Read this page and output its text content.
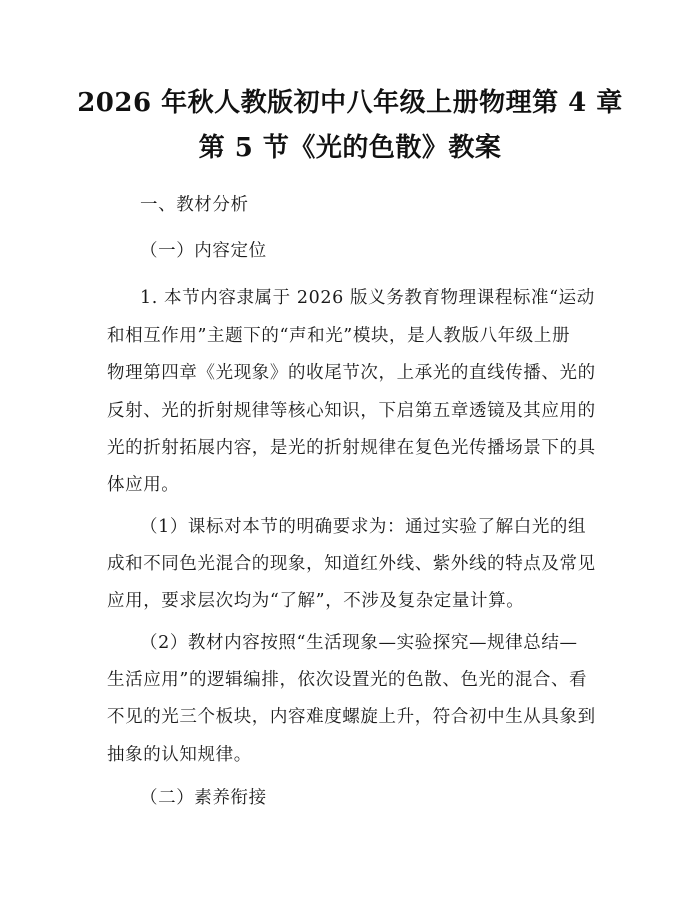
2026 年秋人教版初中八年级上册物理第 4 章
第 5 节《光的色散》教案
一、教材分析
（一）内容定位
1. 本节内容隶属于 2026 版义务教育物理课程标准“运动
和相互作用”主题下的“声和光”模块，是人教版八年级上册
物理第四章《光现象》的收尾节次，上承光的直线传播、光的
反射、光的折射规律等核心知识，下启第五章透镜及其应用的
光的折射拓展内容，是光的折射规律在复色光传播场景下的具
体应用。
（1）课标对本节的明确要求为：通过实验了解白光的组
成和不同色光混合的现象，知道红外线、紫外线的特点及常见
应用，要求层次均为“了解”，不涉及复杂定量计算。
（2）教材内容按照“生活现象—实验探究—规律总结—
生活应用”的逻辑编排，依次设置光的色散、色光的混合、看
不见的光三个板块，内容难度螺旋上升，符合初中生从具象到
抽象的认知规律。
（二）素养衔接
